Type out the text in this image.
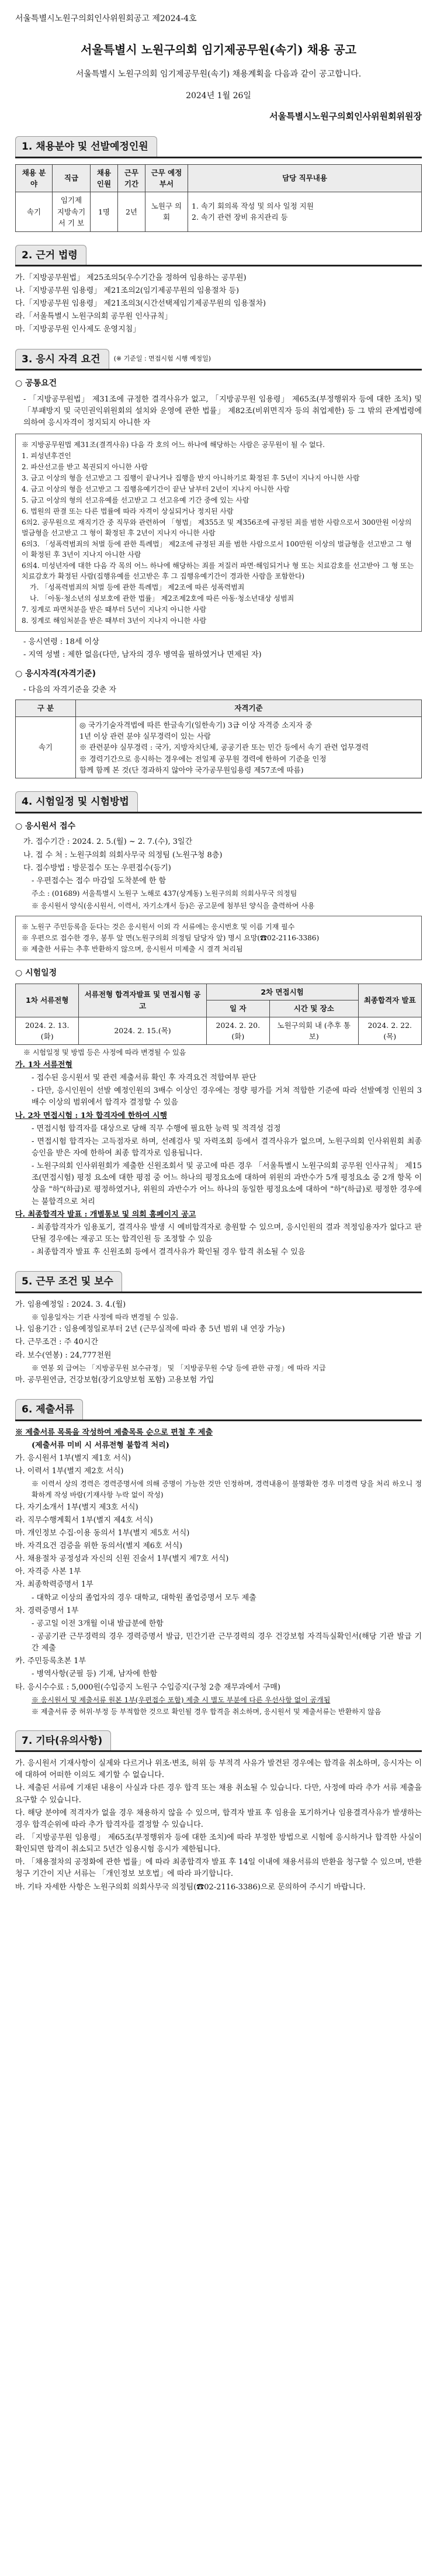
서울특별시노원구의회인사위원회공고 제2024-4호
서울특별시 노원구의회 임기제공무원(속기) 채용 공고
서울특별시 노원구의회 임기제공무원(속기) 채용계획을 다음과 같이 공고합니다.
2024년 1월 26일
서울특별시노원구의회인사위원회위원장
1. 채용분야 및 선발예정인원
채용 분야	직급	채용 인원	근무 기간	근무 예정부서	담당 직무내용
속기	임기제 지방속기 서 기 보	1명	2년	노원구 의 회	1. 속기 회의록 작성 및 의사 일정 지원
2. 속기 관련 장비 유지관리 등
2. 근거 법령
가.「지방공무원법」 제25조의5(우수기간을 정하여 임용하는 공무원)
나.「지방공무원 임용령」 제21조의2(임기제공무원의 임용절차 등)
다.「지방공무원 임용령」 제21조의3(시간선택제임기제공무원의 임용절차)
라.「서울특별시 노원구의회 공무원 인사규칙」
마.「지방공무원 인사제도 운영지침」
3. 응시 자격 요건	(※ 기준일 : 면접시험 시행 예정일)
○ 공통요건
- 「지방공무원법」 제31조에 규정한 결격사유가 없고, 「지방공무원 임용령」 제65조(부정행위자 등에 대한 조치) 및 「부패방지 및 국민권익위원회의 설치와 운영에 관한 법률」 제82조(비위면직자 등의 취업제한) 등 그 밖의 관계법령에 의하여 응시자격이 정지되지 아니한 자
※ 지방공무원법 제31조(결격사유) 다음 각 호의 어느 하나에 해당하는 사람은 공무원이 될 수 없다.
1. 피성년후견인
2. 파산선고를 받고 복권되지 아니한 사람
3. 금고 이상의 형을 선고받고 그 집행이 끝나거나 집행을 받지 아니하기로 확정된 후 5년이 지나지 아니한 사람
4. 금고 이상의 형을 선고받고 그 집행유예기간이 끝난 날부터 2년이 지나지 아니한 사람
5. 금고 이상의 형의 선고유예를 선고받고 그 선고유예 기간 중에 있는 사람
6. 법원의 판결 또는 다른 법률에 따라 자격이 상실되거나 정지된 사람
6의2. 공무원으로 재직기간 중 직무와 관련하여 「형법」 제355조 및 제356조에 규정된 죄를 범한 사람으로서 300만원 이상의 벌금형을 선고받고 그 형이 확정된 후 2년이 지나지 아니한 사람
6의3. 「성폭력범죄의 처벌 등에 관한 특례법」 제2조에 규정된 죄를 범한 사람으로서 100만원 이상의 벌금형을 선고받고 그 형이 확정된 후 3년이 지나지 아니한 사람
6의4. 미성년자에 대한 다음 각 목의 어느 하나에 해당하는 죄를 저질러 파면·해임되거나 형 또는 치료감호를 선고받아 그 형 또는 치료감호가 확정된 사람(집행유예를 선고받은 후 그 집행유예기간이 경과한 사람을 포함한다)
가. 「성폭력범죄의 처벌 등에 관한 특례법」 제2조에 따른 성폭력범죄
나. 「아동·청소년의 성보호에 관한 법률」 제2조제2호에 따른 아동·청소년대상 성범죄
7. 징계로 파면처분을 받은 때부터 5년이 지나지 아니한 사람
8. 징계로 해임처분을 받은 때부터 3년이 지나지 아니한 사람
- 응시연령 : 18세 이상
- 지역 성별 : 제한 없음(다만, 남자의 경우 병역을 필하였거나 면제된 자)
○ 응시자격(자격기준)
- 다음의 자격기준을 갖춘 자
구 분	자격기준
속기	◎ 국가기술자격법에 따른 한글속기(일한속기) 3급 이상 자격증 소지자 중
1년 이상 관련 분야 실무경력이 있는 사람
※ 관련분야 실무경력 : 국가, 지방자치단체, 공공기관 또는 민간 등에서 속기 관련 업무경력
※ 경력기간으로 응시하는 경우에는 전일제 공무원 경력에 한하여 기준을 인정
함께 함께 본 것(단 경과하지 않아야 국가공무원임용령 제57조에 따름)
4. 시험일정 및 시험방법
○ 응시원서 접수
가. 접수기간 : 2024. 2. 5.(월) ~ 2. 7.(수), 3일간
나. 접 수 처 : 노원구의회 의회사무국 의정팀 (노원구청 8층)
다. 접수방법 : 방문접수 또는 우편접수(등기)
- 우편접수는 접수 마감일 도착분에 한 함
주소 : (01689) 서울특별시 노원구 노해로 437(상계동) 노원구의회 의회사무국 의정팀
※ 응시원서 양식(응시원서, 이력서, 자기소개서 등)은 공고문에 첨부된 양식을 출력하여 사용
※ 노원구 주민등록을 둔다는 것은 응시원서 이외 각 서류에는 응시번호 및 이름 기재 필수
※ 우편으로 접수한 경우, 봉투 앞 면(노원구의회 의정팀 담당자 앞) 명시 요망(☎02-2116-3386)
※ 제출한 서류는 추후 반환하지 않으며, 응시원서 미제출 시 결격 처리됨
○ 시험일정
1차 서류전형	서류전형 합격자발표 및 면접시험 공고	2차 면접시험		최종합격자 발표
		일 자	시간 및 장소	
2024. 2. 13.(화)	2024. 2. 15.(목)	2024. 2. 20.(화)	노원구의회 내 (추후 통보)	2024. 2. 22.(목)
※ 시험일정 및 방법 등은 사정에 따라 변경될 수 있음
가. 1차 서류전형
- 접수된 응시원서 및 관련 제출서류 확인 후 자격요건 적합여부 판단
- 다만, 응시인원이 선발 예정인원의 3배수 이상인 경우에는 정량 평가를 거쳐 적합한 기준에 따라 선발예정 인원의 3배수 이상의 범위에서 합격자 결정할 수 있음
나. 2차 면접시험 : 1차 합격자에 한하여 시행
- 면접시험 합격자를 대상으로 당해 직무 수행에 필요한 능력 및 적격성 검정
- 면접시험 합격자는 고득점자로 하며, 선례검사 및 자력조회 등에서 결격사유가 없으며, 노원구의회 인사위원회 최종 승인을 받은 자에 한하여 최종 합격자로 임용됩니다.
- 노원구의회 인사위원회가 제출한 신원조회서 및 공고에 따른 경우 「서울특별시 노원구의회 공무원 인사규칙」 제15조(면접시험) 평정 요소에 대한 평점 중 어느 하나의 평정요소에 대하여 위원의 과반수가 5개 평정요소 중 2개 항목 이상을 "하"(하급)로 평정하였거나, 위원의 과반수가 어느 하나의 동일한 평정요소에 대하여 "하"(하급)로 평정한 경우에는 불합격으로 처리
다. 최종합격자 발표 : 개별통보 및 의회 홈페이지 공고
- 최종합격자가 임용포기, 결격사유 발생 시 예비합격자로 충원할 수 있으며, 응시인원의 결과 적정임용자가 없다고 판단될 경우에는 재공고 또는 합격인원 등 조정할 수 있음
- 최종합격자 발표 후 신원조회 등에서 결격사유가 확인될 경우 합격 취소될 수 있음
5. 근무 조건 및 보수
가. 임용예정일 : 2024. 3. 4.(월)
※ 임용일자는 기관 사정에 따라 변경될 수 있음.
나. 임용기간 : 임용예정일로부터 2년 (근무실적에 따라 총 5년 범위 내 연장 가능)
다. 근무조건 : 주 40시간
라. 보수(연봉) : 24,777천원
※ 연봉 외 급여는 「지방공무원 보수규정」 및 「지방공무원 수당 등에 관한 규정」에 따라 지급
마. 공무원연금, 건강보험(장기요양보험 포함) 고용보험 가입
6. 제출서류
※ 제출서류 목록을 작성하여 제출목록 순으로 편철 후 제출
(제출서류 미비 시 서류전형 불합격 처리)
가. 응시원서 1부(별지 제1호 서식)
나. 이력서 1부(별지 제2호 서식)
※ 이력서 상의 경력은 경력증명서에 의해 증명이 가능한 것만 인정하며, 경력내용이 불명확한 경우 미경력 당을 처리 하오니 정확하게 작성 바람(기재사항 누락 없이 작성)
다. 자기소개서 1부(별지 제3호 서식)
라. 직무수행계획서 1부(별지 제4호 서식)
마. 개인정보 수집·이용 동의서 1부(별지 제5호 서식)
바. 자격요건 검증을 위한 동의서(별지 제6호 서식)
사. 채용절차 공정성과 자신의 신원 진술서 1부(별지 제7호 서식)
아. 자격증 사본 1부
자. 최종학력증명서 1부
- 대학교 이상의 졸업자의 경우 대학교, 대학원 졸업증명서 모두 제출
차. 경력증명서 1부
- 공고일 이전 3개월 이내 발급분에 한함
- 공공기관 근무경력의 경우 경력증명서 발급, 민간기관 근무경력의 경우 건강보험 자격득실확인서(해당 기관 발급 기간 제출
카. 주민등록초본 1부
- 병역사항(군필 등) 기재, 남자에 한함
타. 응시수수료 : 5,000원(수입증지 노원구 수입증지(구청 2층 재무과에서 구매)
※ 응시원서 및 제출서류 원본 1부(우편접수 포함) 제출 시 별도 부분에 다른 우선사항 없이 공개됨
※ 제출서류 중 허위·부정 등 부적합한 것으로 확인될 경우 합격을 취소하며, 응시원서 및 제출서류는 반환하지 않음
7. 기타(유의사항)
가. 응시원서 기재사항이 실제와 다르거나 위조·변조, 허위 등 부적격 사유가 발견된 경우에는 합격을 취소하며, 응시자는 이에 대하여 어떠한 이의도 제기할 수 없습니다.
나. 제출된 서류에 기재된 내용이 사실과 다른 경우 합격 또는 채용 취소될 수 있습니다. 다만, 사정에 따라 추가 서류 제출을 요구할 수 있습니다.
다. 해당 분야에 적격자가 없을 경우 채용하지 않을 수 있으며, 합격자 발표 후 임용을 포기하거나 임용결격사유가 발생하는 경우 합격순위에 따라 추가 합격자를 결정할 수 있습니다.
라. 「지방공무원 임용령」 제65조(부정행위자 등에 대한 조치)에 따라 부정한 방법으로 시험에 응시하거나 합격한 사실이 확인되면 합격이 취소되고 5년간 임용시험 응시가 제한됩니다.
마. 「채용절차의 공정화에 관한 법률」에 따라 최종합격자 발표 후 14일 이내에 채용서류의 반환을 청구할 수 있으며, 반환 청구 기간이 지난 서류는 「개인정보 보호법」에 따라 파기합니다.
바. 기타 자세한 사항은 노원구의회 의회사무국 의정팀(☎02-2116-3386)으로 문의하여 주시기 바랍니다.
